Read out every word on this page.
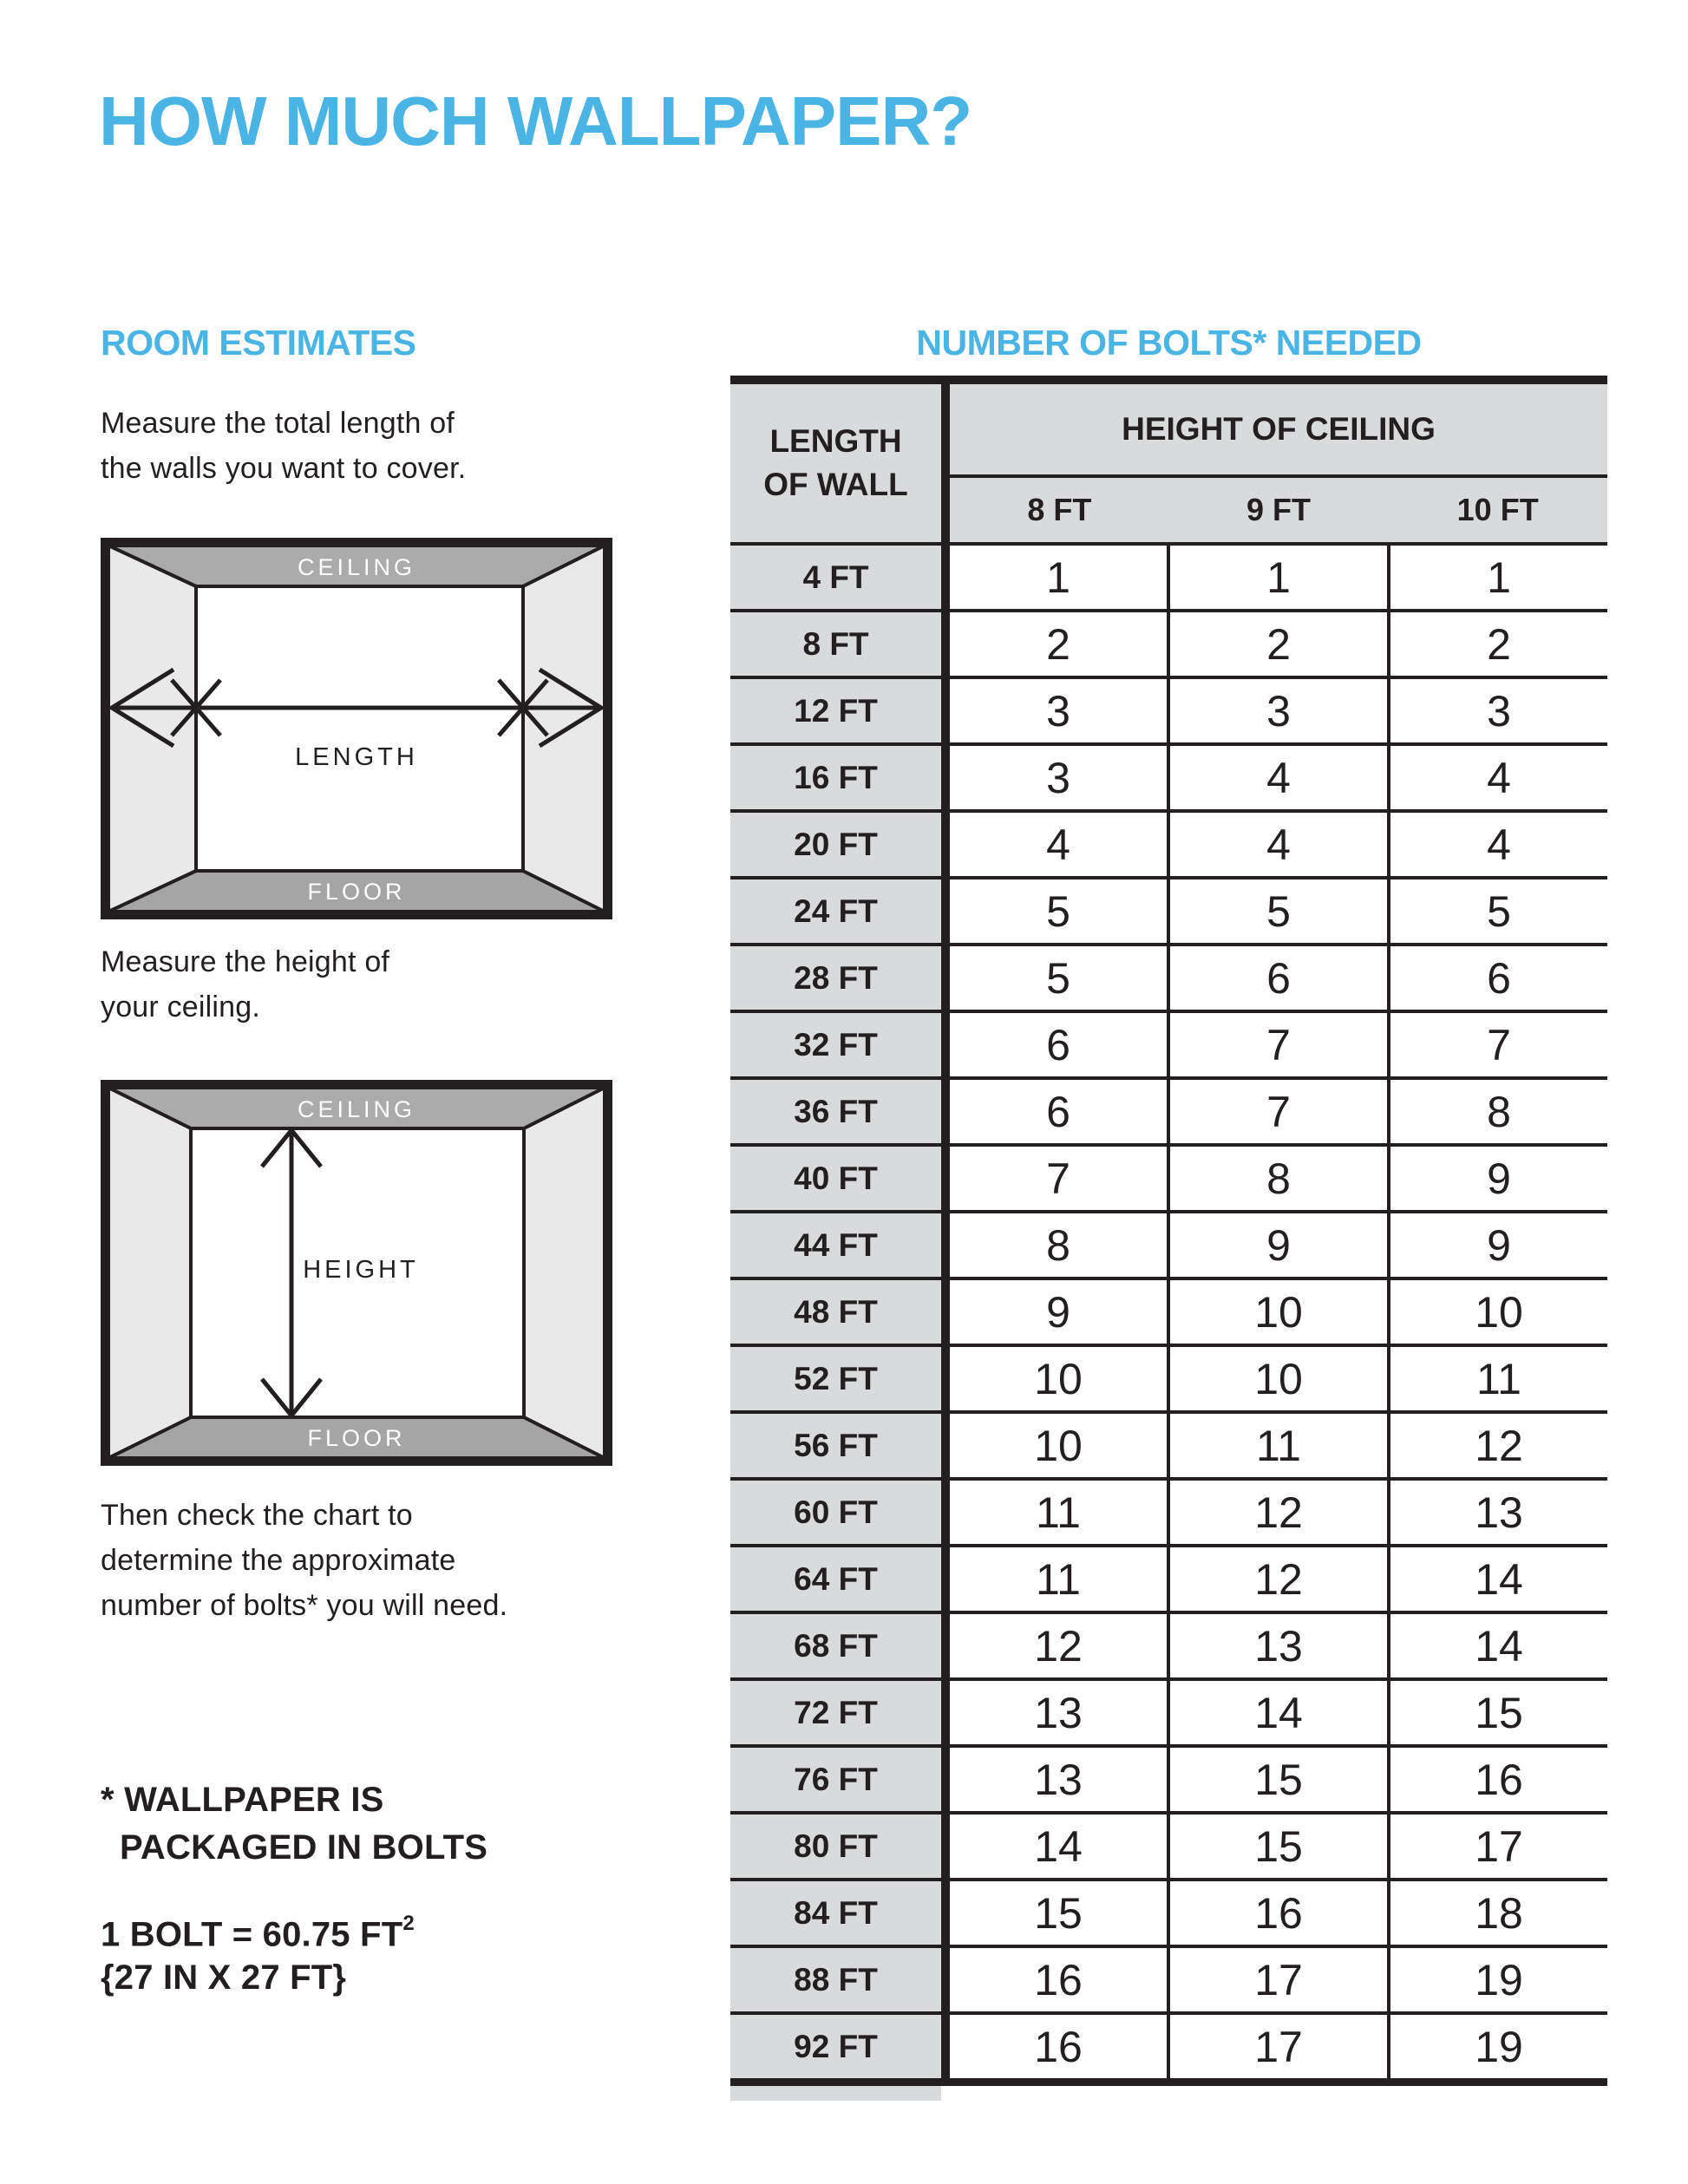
HOW MUCH WALLPAPER?
ROOM ESTIMATES

Measure the total length of
the walls you want to cover.

CEILING
FLOOR
LENGTH

Measure the height of
your ceiling.

CEILING
FLOOR
HEIGHT

Then check the chart to
determine the approximate
number of bolts* you will need.

* WALLPAPER IS
PACKAGED IN BOLTS
1 BOLT = 60.75 $FT^2$
{27 IN X 27 FT}
NUMBER OF BOLTS* NEEDED
LENGTH
OF WALL
HEIGHT OF CEILING
8 FT	9 FT	10 FT
4 FT	1	1	1
8 FT	2	2	2
12 FT	3	3	3
16 FT	3	4	4
20 FT	4	4	4
24 FT	5	5	5
28 FT	5	6	6
32 FT	6	7	7
36 FT	6	7	8
40 FT	7	8	9
44 FT	8	9	9
48 FT	9	10	10
52 FT	10	10	11
56 FT	10	11	12
60 FT	11	12	13
64 FT	11	12	14
68 FT	12	13	14
72 FT	13	14	15
76 FT	13	15	16
80 FT	14	15	17
84 FT	15	16	18
88 FT	16	17	19
92 FT	16	17	19
